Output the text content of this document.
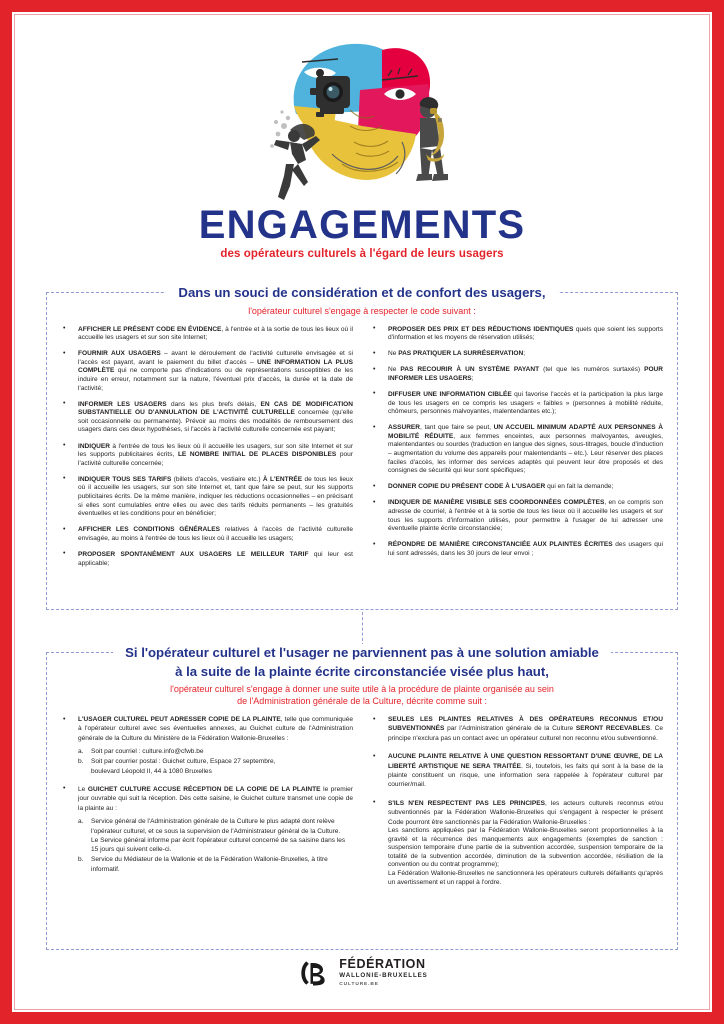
ENGAGEMENTS
des opérateurs culturels à l'égard de leurs usagers
Dans un souci de considération et de confort des usagers,
l'opérateur culturel s'engage à respecter le code suivant :
• AFFICHER LE PRÉSENT CODE EN ÉVIDENCE, à l'entrée et à la sortie de tous les lieux où il accueille les usagers et sur son site Internet;
• FOURNIR AUX USAGERS – avant le déroulement de l'activité culturelle envisagée et si l'accès est payant, avant le paiement du billet d'accès – UNE INFORMATION LA PLUS COMPLÈTE qui ne comporte pas d'indications ou de représentations susceptibles de les induire en erreur, notamment sur la nature, l'éventuel prix d'accès, la durée et la date de l'activité;
• INFORMER LES USAGERS dans les plus brefs délais, EN CAS DE MODIFICATION SUBSTANTIELLE OU D'ANNULATION DE L'ACTIVITÉ CULTURELLE concernée (qu'elle soit occasionnelle ou permanente). Prévoir au moins des modalités de remboursement des usagers dans ces deux hypothèses, si l'accès à l'activité culturelle concernée est payant;
• INDIQUER à l'entrée de tous les lieux où il accueille les usagers, sur son site Internet et sur les supports publicitaires écrits, LE NOMBRE INITIAL DE PLACES DISPONIBLES pour l'activité culturelle concernée;
• INDIQUER TOUS SES TARIFS (billets d'accès, vestiaire etc.) À L'ENTRÉE de tous les lieux où il accueille les usagers, sur son site Internet et, tant que faire se peut, sur les supports publicitaires écrits. De la même manière, indiquer les réductions occasionnelles – en précisant si elles sont cumulables entre elles ou avec des tarifs réduits permanents – les gratuités éventuelles et les conditions pour en bénéficier;
• AFFICHER LES CONDITIONS GÉNÉRALES relatives à l'accès de l'activité culturelle envisagée, au moins à l'entrée de tous les lieux où il accueille les usagers;
• PROPOSER SPONTANÉMENT AUX USAGERS LE MEILLEUR TARIF qui leur est applicable;
• PROPOSER DES PRIX ET DES RÉDUCTIONS IDENTIQUES quels que soient les supports d'information et les moyens de réservation utilisés;
• Ne PAS PRATIQUER LA SURRÉSERVATION;
• Ne PAS RECOURIR À UN SYSTÈME PAYANT (tel que les numéros surtaxés) POUR INFORMER LES USAGERS;
• DIFFUSER UNE INFORMATION CIBLÉE qui favorise l'accès et la participation la plus large de tous les usagers en ce compris les usagers « faibles » (personnes à mobilité réduite, chômeurs, personnes malvoyantes, malentendantes etc.);
• ASSURER, tant que faire se peut, UN ACCUEIL MINIMUM ADAPTÉ AUX PERSONNES À MOBILITÉ RÉDUITE, aux femmes enceintes, aux personnes malvoyantes, aveugles, malentendantes ou sourdes (traduction en langue des signes, sous-titrages, boucle d'induction – augmentation du volume des appareils pour malentendants – etc.). Leur réserver des places faciles d'accès, les informer des services adaptés qui peuvent leur être proposés et des consignes de sécurité qui leur sont spécifiques;
• DONNER COPIE DU PRÉSENT CODE À L'USAGER qui en fait la demande;
• INDIQUER DE MANIÈRE VISIBLE SES COORDONNÉES COMPLÈTES, en ce compris son adresse de courriel, à l'entrée et à la sortie de tous les lieux où il accueille les usagers et sur tous les supports d'information utilisés, pour permettre à l'usager de lui adresser une éventuelle plainte écrite circonstanciée;
• RÉPONDRE DE MANIÈRE CIRCONSTANCIÉE AUX PLAINTES ÉCRITES des usagers qui lui sont adressés, dans les 30 jours de leur envoi ;
Si l'opérateur culturel et l'usager ne parviennent pas à une solution amiable
à la suite de la plainte écrite circonstanciée visée plus haut,
l'opérateur culturel s'engage à donner une suite utile à la procédure de plainte organisée au sein
de l'Administration générale de la Culture, décrite comme suit :
• L'USAGER CULTUREL PEUT ADRESSER COPIE DE LA PLAINTE, telle que communiquée à l'opérateur culturel avec ses éventuelles annexes, au Guichet culture de l'Administration générale de la Culture du Ministère de la Fédération Wallonie-Bruxelles :
a. Soit par courriel : culture.info@cfwb.be
b. Soit par courrier postal : Guichet culture, Espace 27 septembre,
boulevard Léopold II, 44 à 1080 Bruxelles
• Le GUICHET CULTURE ACCUSE RÉCEPTION DE LA COPIE DE LA PLAINTE le premier jour ouvrable qui suit la réception. Dès cette saisine, le Guichet culture transmet une copie de la plainte au :
a. Service général de l'Administration générale de la Culture le plus adapté dont relève l'opérateur culturel, et ce sous la supervision de l'Administrateur général de la Culture.
Le Service général informe par écrit l'opérateur culturel concerné de sa saisine dans les 15 jours qui suivent celle-ci.
b. Service du Médiateur de la Wallonie et de la Fédération Wallonie-Bruxelles, à titre informatif.
• SEULES LES PLAINTES RELATIVES À DES OPÉRATEURS RECONNUS ET/OU SUBVENTIONNÉS par l'Administration générale de la Culture SERONT RECEVABLES. Ce principe n'exclura pas un contact avec un opérateur culturel non reconnu et/ou subventionné.
• AUCUNE PLAINTE RELATIVE À UNE QUESTION RESSORTANT D'UNE ŒUVRE, DE LA LIBERTÉ ARTISTIQUE NE SERA TRAITÉE. Si, toutefois, les faits qui sont à la base de la plainte constituent un risque, une information sera rappelée à l'opérateur culturel par courrier/mail.
• S'ILS N'EN RESPECTENT PAS LES PRINCIPES, les acteurs culturels reconnus et/ou subventionnés par la Fédération Wallonie-Bruxelles qui s'engagent à respecter le présent Code pourront être sanctionnés par la Fédération Wallonie-Bruxelles :
Les sanctions appliquées par la Fédération Wallonie-Bruxelles seront proportionnelles à la gravité et la récurrence des manquements aux engagements (exemples de sanction : suspension temporaire d'une partie de la subvention accordée, suspension temporaire de la totalité de la subvention accordée, diminution de la subvention accordée, résiliation de la convention ou du contrat programme);
La Fédération Wallonie-Bruxelles ne sanctionnera les opérateurs culturels défaillants qu'après un avertissement et un rappel à l'ordre.
FÉDÉRATION
WALLONIE-BRUXELLES
CULTURE.BE
